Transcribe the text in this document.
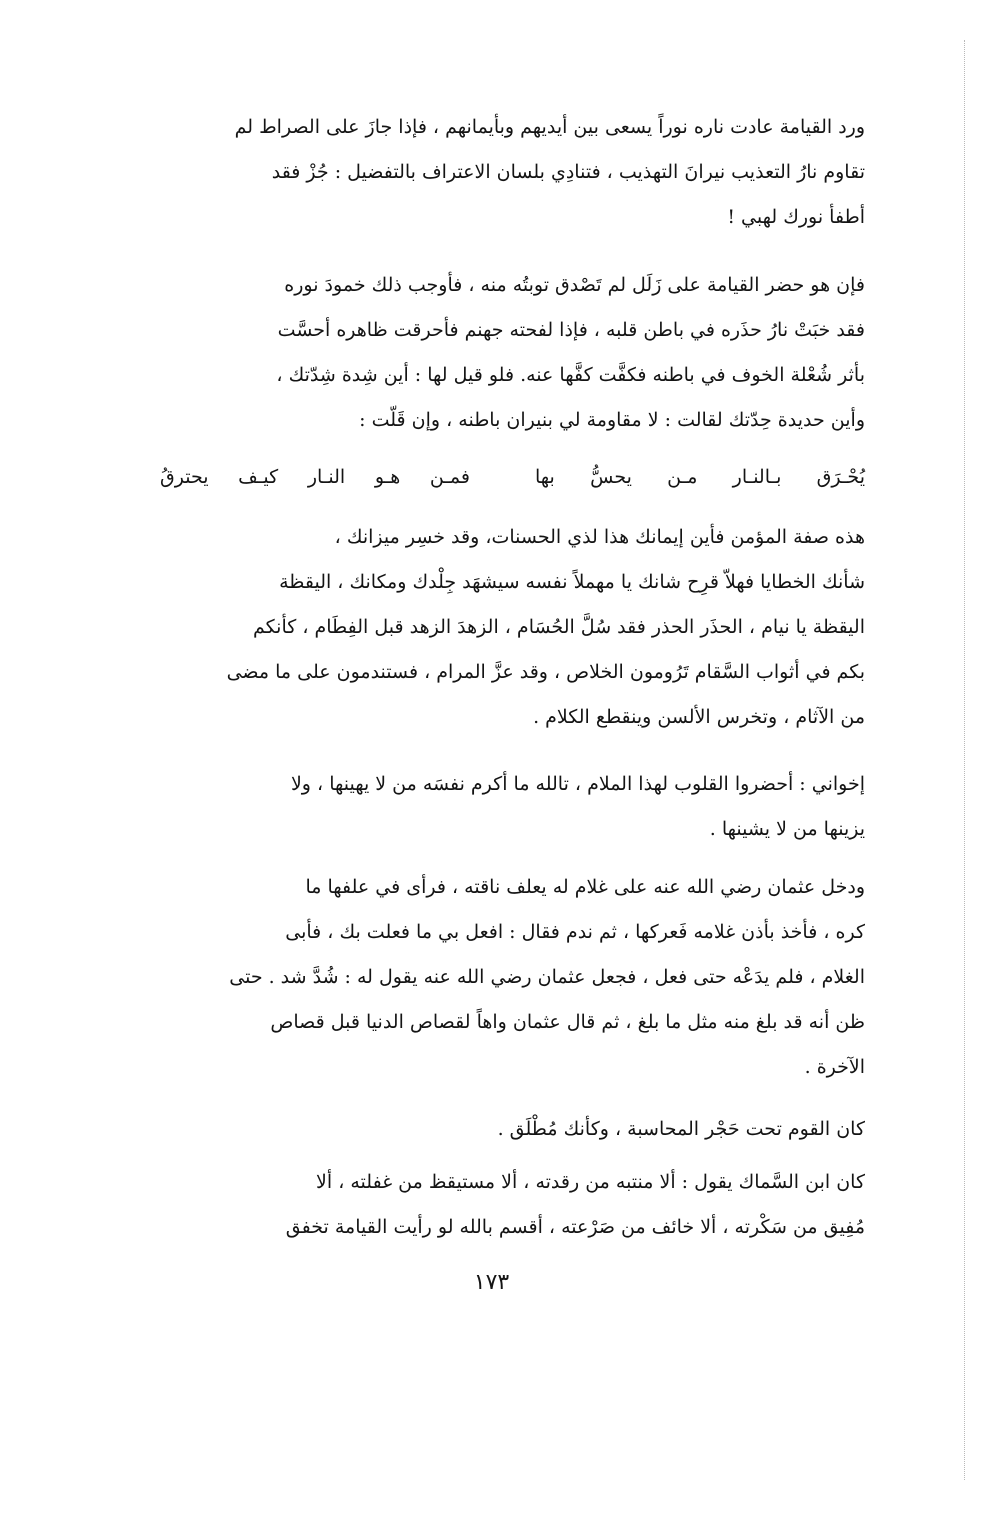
ورد القيامة عادت ناره نوراً يسعى بين أيديهم وبأيمانهم ، فإذا جازَ على الصراط لم
تقاوم نارُ التعذيب نيرانَ التهذيب ، فتنادِي بلسان الاعتراف بالتفضيل : جُزْ فقد
أطفأ نورك لهبي !
فإن هو حضر القيامة على زَلَل لم تَصْدق توبتُه منه ، فأوجب ذلك خمودَ نوره
فقد خبَتْ نارُ حذَره في باطن قلبه ، فإذا لفحته جهنم فأحرقت ظاهره أحسَّت
بأثر شُعْلة الخوف في باطنه فكفَّت كفَّها عنه. فلو قيل لها : أين شِدة شِدّتك ،
وأين حديدة حِدّتك لقالت : لا مقاومة لي بنيران باطنه ، وإن قَلّت :
يُحْـرَق بـالنـار مـن يحسُّ بها
فمـن هـو النـار كيـف يحترقُ
هذه صفة المؤمن فأين إيمانك هذا لذي الحسنات، وقد خسِر ميزانك ،
شأنك الخطايا فهلاّ قرِح شانك يا مهملاً نفسه سيشهَد جِلْدك ومكانك ، اليقظة
اليقظة يا نيام ، الحذَر الحذر فقد سُلَّ الحُسَام ، الزهدَ الزهد قبل الفِطَام ، كأنكم
بكم في أثواب السَّقام تَرُومون الخلاص ، وقد عزَّ المرام ، فستندمون على ما مضى
من الآثام ، وتخرس الألسن وينقطع الكلام .
إخواني : أحضروا القلوب لهذا الملام ، تالله ما أكرم نفسَه من لا يهينها ، ولا
يزينها من لا يشينها .
ودخل عثمان رضي الله عنه على غلام له يعلف ناقته ، فرأى في علفها ما
كره ، فأخذ بأذن غلامه فَعركها ، ثم ندم فقال : افعل بي ما فعلت بك ، فأبى
الغلام ، فلم يدَعْه حتى فعل ، فجعل عثمان رضي الله عنه يقول له : شُدَّ شد . حتى
ظن أنه قد بلغ منه مثل ما بلغ ، ثم قال عثمان واهاً لقصاص الدنيا قبل قصاص
الآخرة .
كان القوم تحت حَجْر المحاسبة ، وكأنك مُطْلَق .
كان ابن السَّماك يقول : ألا منتبه من رقدته ، ألا مستيقظ من غفلته ، ألا
مُفِيق من سَكْرته ، ألا خائف من صَرْعته ، أقسم بالله لو رأيت القيامة تخفق
١٧٣
